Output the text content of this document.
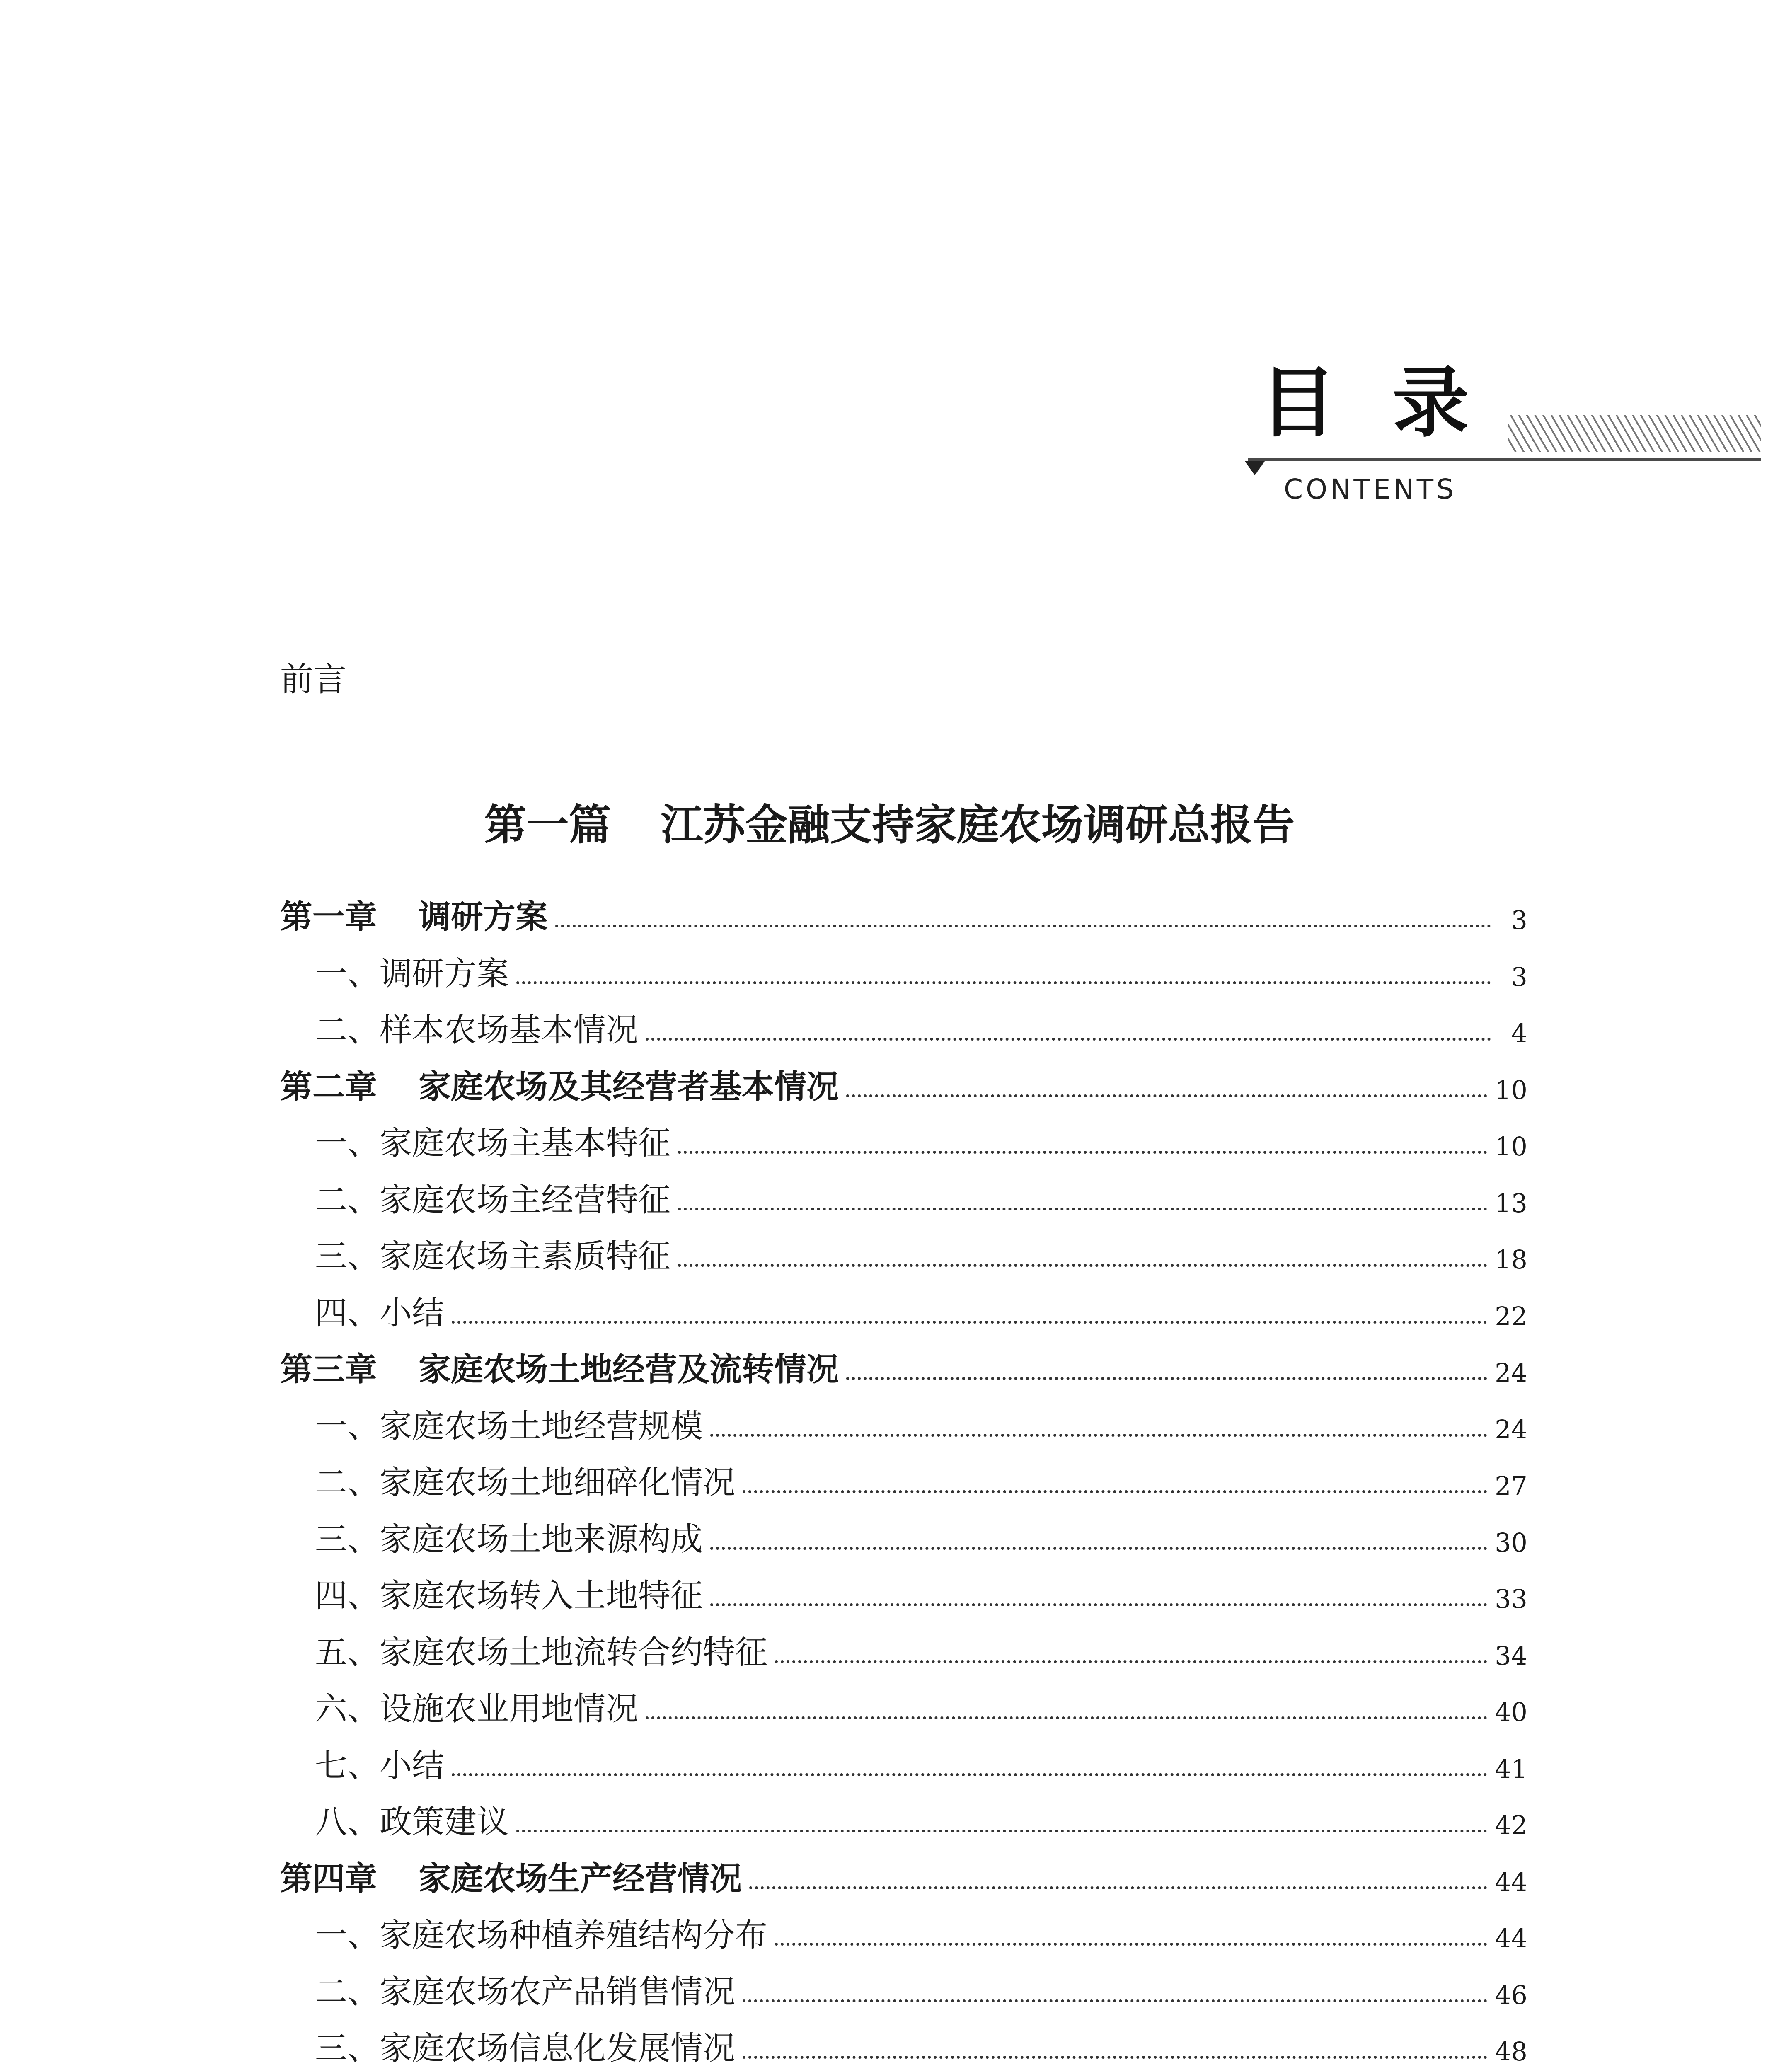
目 录
CONTENTS
前言
第一篇 江苏金融支持家庭农场调研总报告
第一章 调研方案	3
一、调研方案	3
二、样本农场基本情况	4
第二章 家庭农场及其经营者基本情况	10
一、家庭农场主基本特征	10
二、家庭农场主经营特征	13
三、家庭农场主素质特征	18
四、小结	22
第三章 家庭农场土地经营及流转情况	24
一、家庭农场土地经营规模	24
二、家庭农场土地细碎化情况	27
三、家庭农场土地来源构成	30
四、家庭农场转入土地特征	33
五、家庭农场土地流转合约特征	34
六、设施农业用地情况	40
七、小结	41
八、政策建议	42
第四章 家庭农场生产经营情况	44
一、家庭农场种植养殖结构分布	44
二、家庭农场农产品销售情况	46
三、家庭农场信息化发展情况	48
